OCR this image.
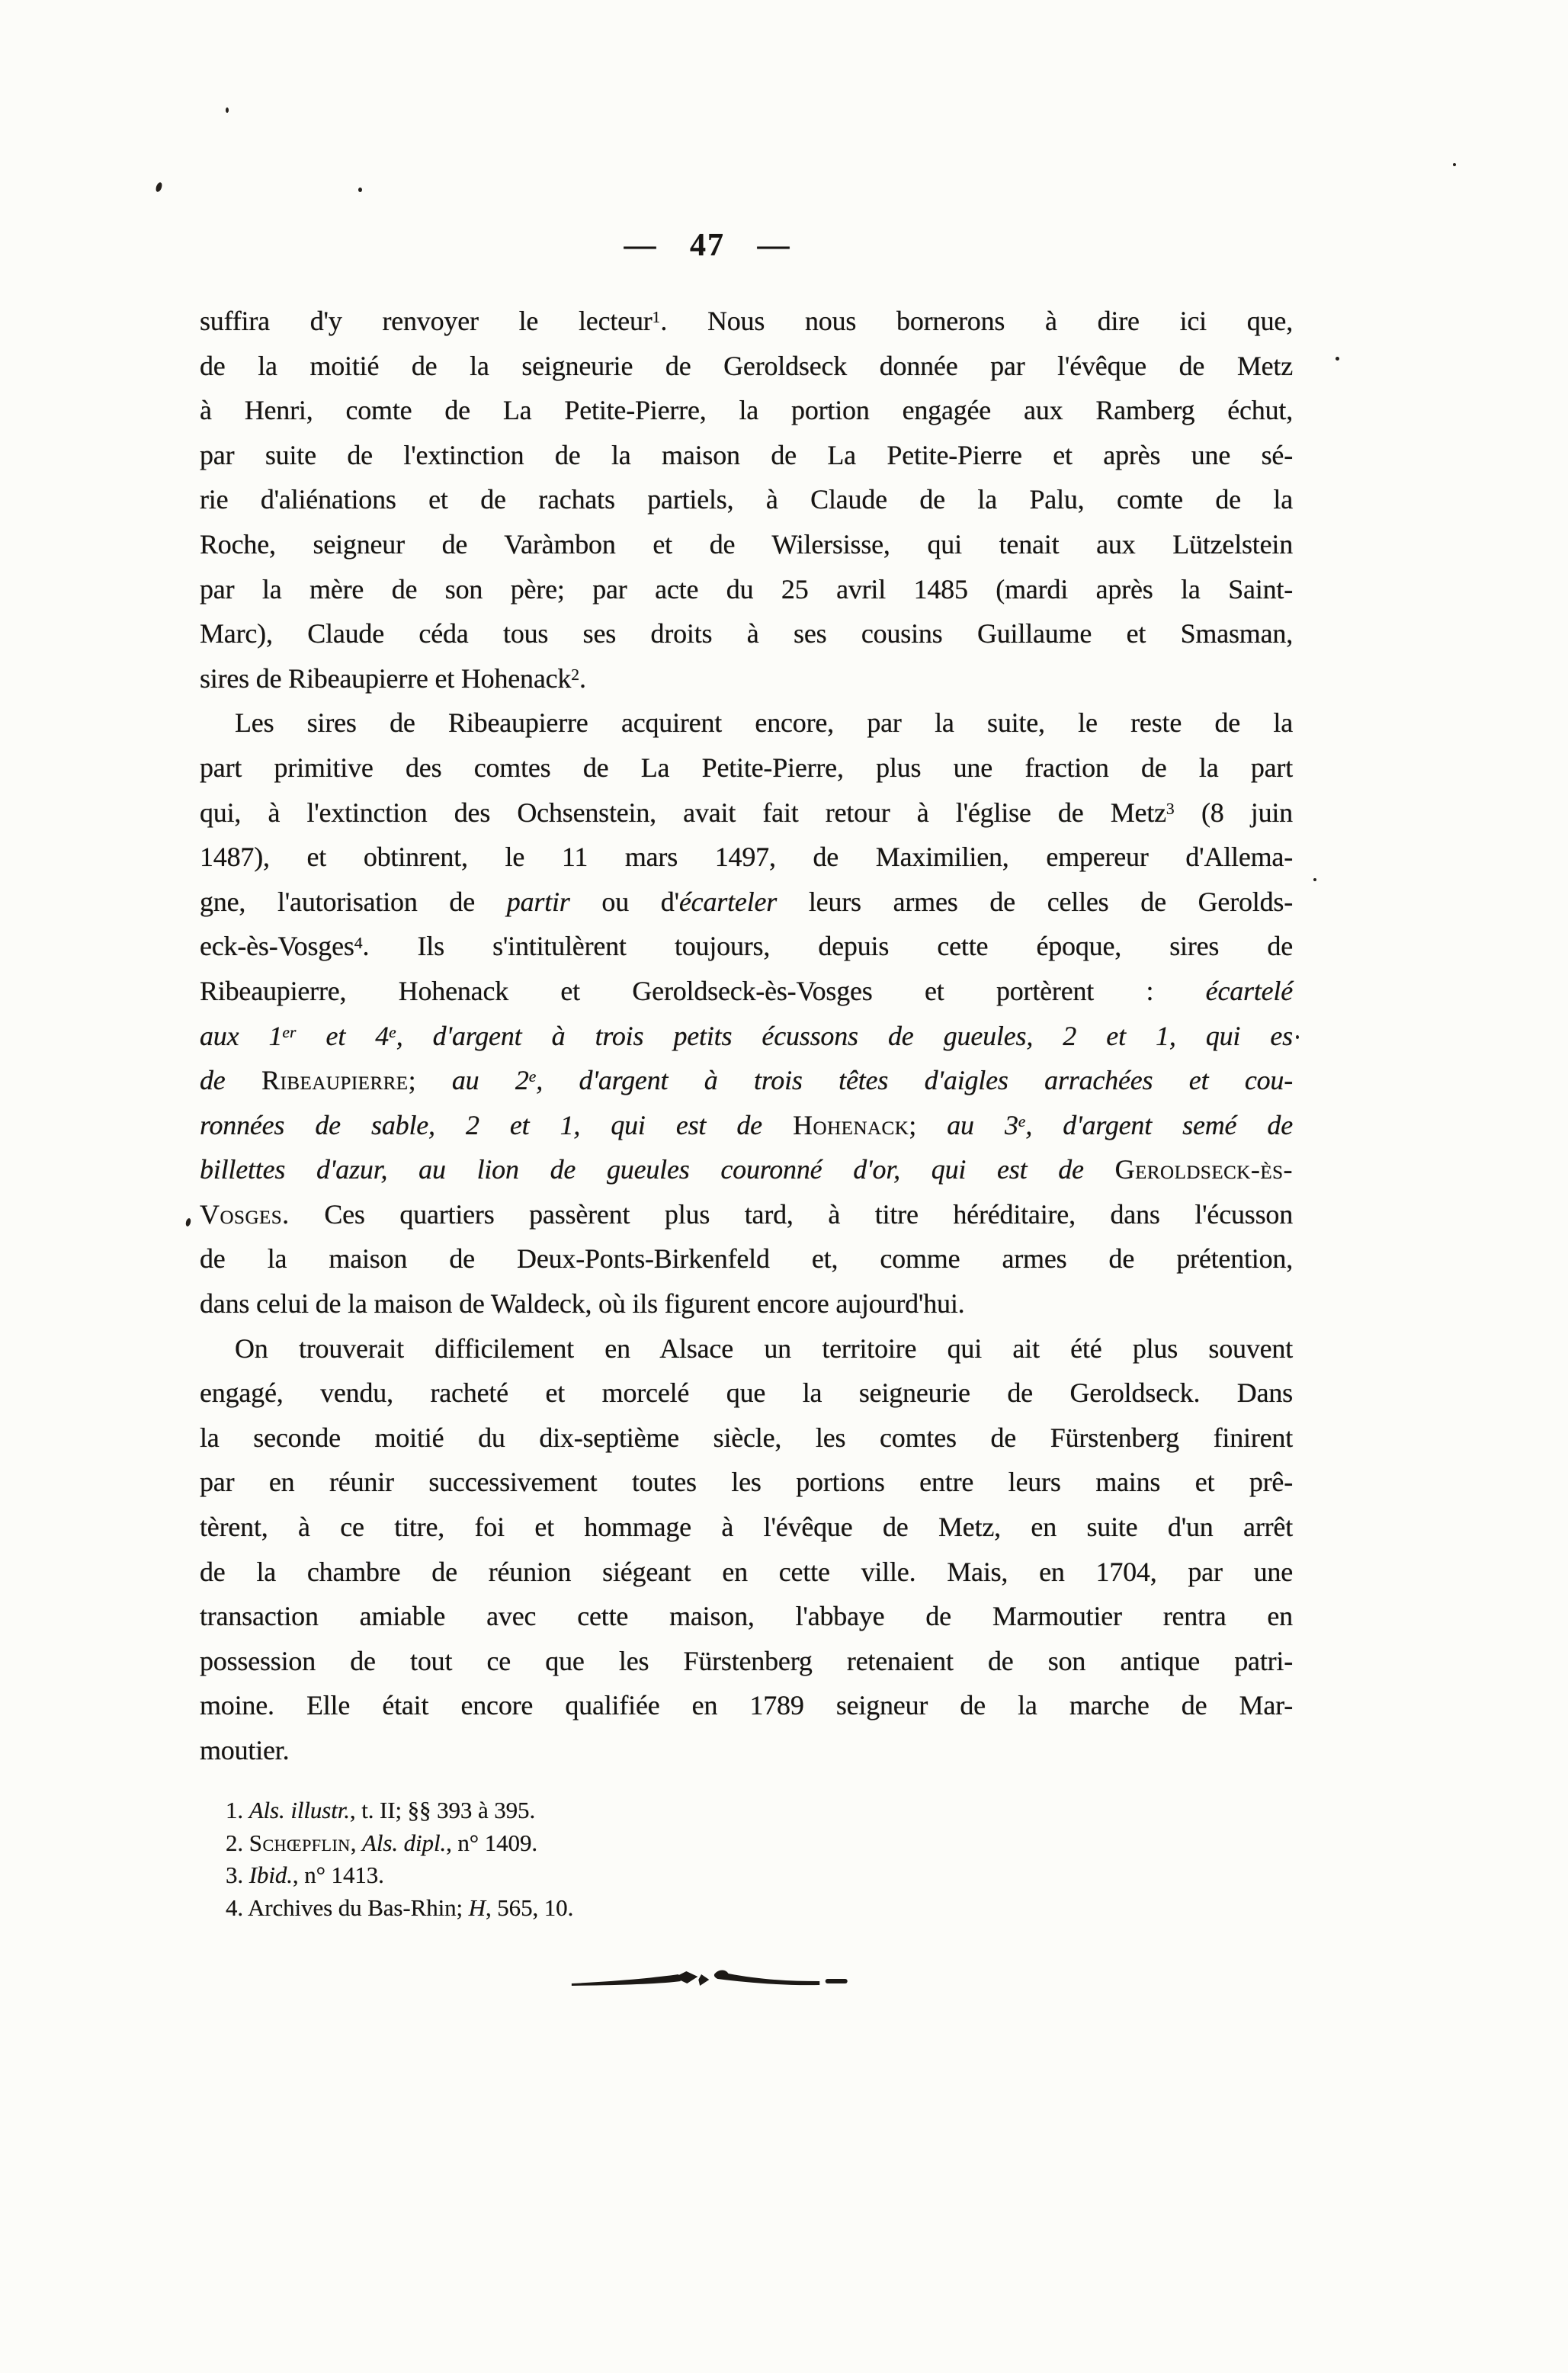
— 47 —
suffira d'y renvoyer le lecteur$^1$. Nous nous bornerons à dire ici que,
de la moitié de la seigneurie de Geroldseck donnée par l'évêque de Metz
à Henri, comte de La Petite-Pierre, la portion engagée aux Ramberg échut,
par suite de l'extinction de la maison de La Petite-Pierre et après une sé-
rie d'aliénations et de rachats partiels, à Claude de la Palu, comte de la
Roche, seigneur de Varàmbon et de Wilersisse, qui tenait aux Lützelstein
par la mère de son père; par acte du 25 avril 1485 (mardi après la Saint-
Marc), Claude céda tous ses droits à ses cousins Guillaume et Smasman,
sires de Ribeaupierre et Hohenack$^2$.
Les sires de Ribeaupierre acquirent encore, par la suite, le reste de la
part primitive des comtes de La Petite-Pierre, plus une fraction de la part
qui, à l'extinction des Ochsenstein, avait fait retour à l'église de Metz$^3$ (8 juin
1487), et obtinrent, le 11 mars 1497, de Maximilien, empereur d'Allema-
gne, l'autorisation de partir ou d'écarteler leurs armes de celles de Gerolds-
eck-ès-Vosges$^4$. Ils s'intitulèrent toujours, depuis cette époque, sires de
Ribeaupierre, Hohenack et Geroldseck-ès-Vosges et portèrent : écartelé
aux 1er et 4e, d'argent à trois petits écussons de gueules, 2 et 1, qui es
de Ribeaupierre; au 2e, d'argent à trois têtes d'aigles arrachées et cou-
ronnées de sable, 2 et 1, qui est de Hohenack; au 3e, d'argent semé de
billettes d'azur, au lion de gueules couronné d'or, qui est de Geroldseck-ès-
Vosges. Ces quartiers passèrent plus tard, à titre héréditaire, dans l'écusson
de la maison de Deux-Ponts-Birkenfeld et, comme armes de prétention,
dans celui de la maison de Waldeck, où ils figurent encore aujourd'hui.
On trouverait difficilement en Alsace un territoire qui ait été plus souvent
engagé, vendu, racheté et morcelé que la seigneurie de Geroldseck. Dans
la seconde moitié du dix-septième siècle, les comtes de Fürstenberg finirent
par en réunir successivement toutes les portions entre leurs mains et prê-
tèrent, à ce titre, foi et hommage à l'évêque de Metz, en suite d'un arrêt
de la chambre de réunion siégeant en cette ville. Mais, en 1704, par une
transaction amiable avec cette maison, l'abbaye de Marmoutier rentra en
possession de tout ce que les Fürstenberg retenaient de son antique patri-
moine. Elle était encore qualifiée en 1789 seigneur de la marche de Mar-
moutier.
1. Als. illustr., t. II; §§ 393 à 395.
2. Schœpflin, Als. dipl., n° 1409.
3. Ibid., n° 1413.
4. Archives du Bas-Rhin; H, 565, 10.
